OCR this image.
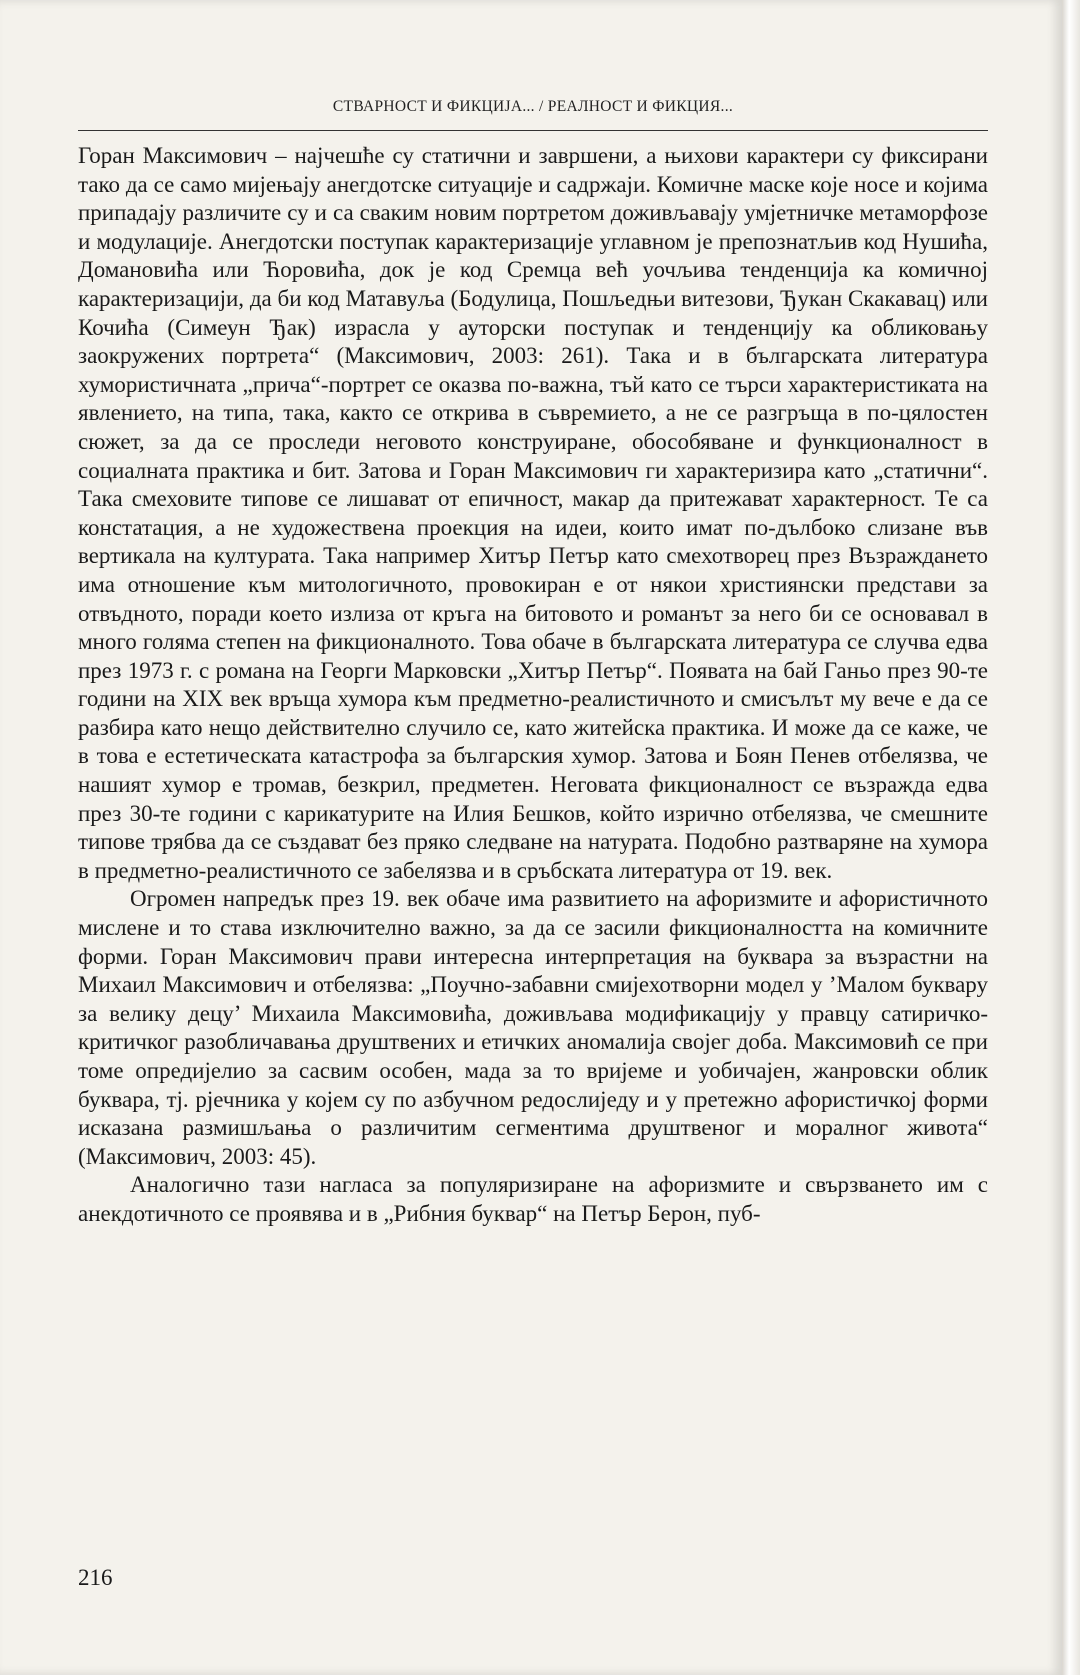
СТВАРНОСТ И ФИКЦИЈА... / РЕАЛНОСТ И ФИКЦИЯ...

Горан Максимович – најчешће су статични и завршени, а њихови карактери су фиксирани тако да се само мијењају анегдотске ситуације и садржаји. Комичне маске које носе и којима припадају различите су и са сваким новим портретом доживљавају умјетничке метаморфозе и модулације. Анегдотски поступак карактеризације углавном је препознатљив код Нушића, Домановића или Ћоровића, док је код Сремца већ уочљива тенденција ка комичној карактеризацији, да би код Матавуља (Бодулица, Пошљедњи витезови, Ђукан Скакавац) или Кочића (Симеун Ђак) израсла у ауторски поступак и тенденцију ка обликовању заокружених портрета“ (Максимович, 2003: 261). Така и в българската литература хумористичната „прича“-портрет се оказва по-важна, тъй като се търси характеристиката на явлението, на типа, така, както се открива в съвремието, а не се разгръща в по-цялостен сюжет, за да се проследи неговото конструиране, обособяване и функционалност в социалната практика и бит. Затова и Горан Максимович ги характеризира като „статични“. Така смеховите типове се лишават от епичност, макар да притежават характерност. Те са констатация, а не художествена проекция на идеи, които имат по-дълбоко слизане във вертикала на културата. Така например Хитър Петър като смехотворец през Възраждането има отношение към митологичното, провокиран е от някои християнски представи за отвъдното, поради което излиза от кръга на битовото и романът за него би се основавал в много голяма степен на фикционалното. Това обаче в българската литература се случва едва през 1973 г. с романа на Георги Марковски „Хитър Петър“. Появата на бай Ганьо през 90-те години на XIX век връща хумора към предметно-реалистичното и смисълът му вече е да се разбира като нещо действително случило се, като житейска практика. И може да се каже, че в това е естетическата катастрофа за българския хумор. Затова и Боян Пенев отбелязва, че нашият хумор е тромав, безкрил, предметен. Неговата фикционалност се възражда едва през 30-те години с карикатурите на Илия Бешков, който изрично отбелязва, че смешните типове трябва да се създават без пряко следване на натурата. Подобно разтваряне на хумора в предметно-реалистичното се забелязва и в сръбската литература от 19. век.

Огромен напредък през 19. век обаче има развитието на афоризмите и афористичното мислене и то става изключително важно, за да се засили фикционалността на комичните форми. Горан Максимович прави интересна интерпретация на буквара за възрастни на Михаил Максимович и отбелязва: „Поучно-забавни смијехотворни модел у ’Малом буквару за велику децу’ Михаила Максимовића, доживљава модификацију у правцу сатиричко-критичког разобличавања друштвених и етичких аномалија својег доба. Максимовић се при томе опредијелио за сасвим особен, мада за то вријеме и уобичајен, жанровски облик буквара, тј. рјечника у којем су по азбучном редослиједу и у претежно афористичкој форми исказана размишљања о различитим сегментима друштвеног и моралног живота“ (Максимович, 2003: 45).

Аналогично тази нагласа за популяризиране на афоризмите и свързването им с анекдотичното се проявява и в „Рибния буквар“ на Петър Берон, пуб-

216
